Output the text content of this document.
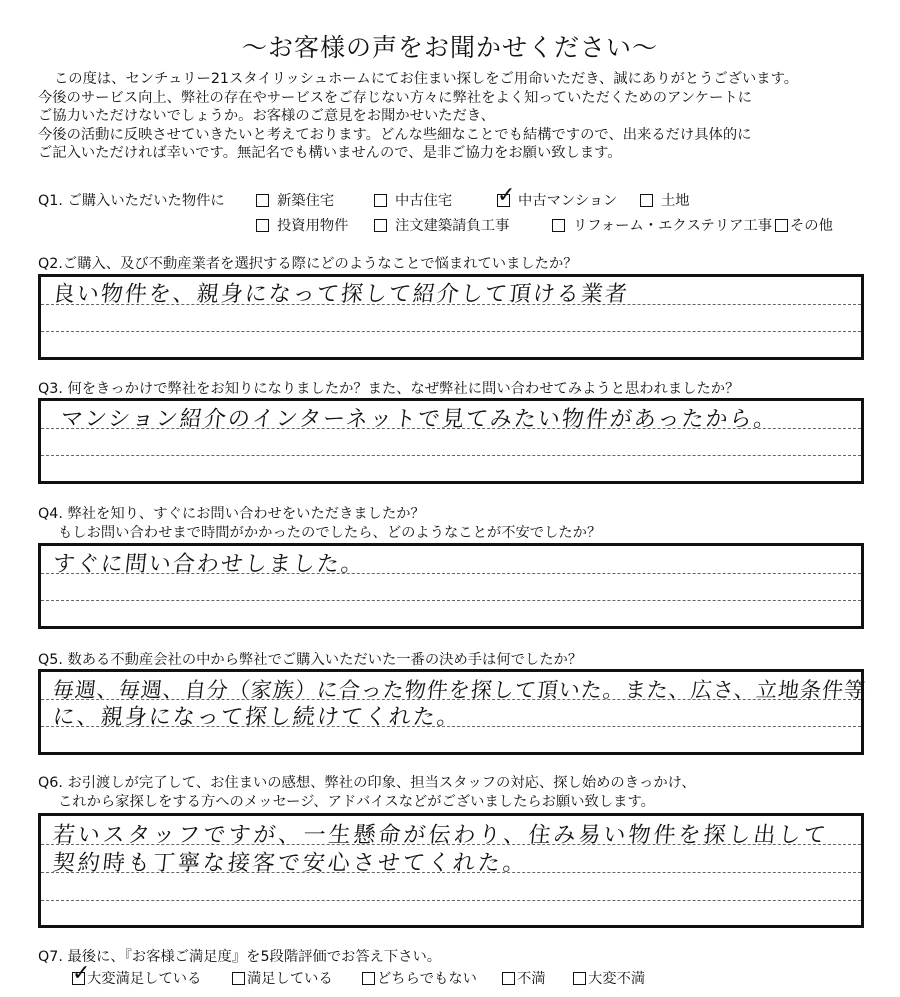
～お客様の声をお聞かせください～
この度は、センチュリー21スタイリッシュホームにてお住まい探しをご用命いただき、誠にありがとうございます。
今後のサービス向上、弊社の存在やサービスをご存じない方々に弊社をよく知っていただくためのアンケートに
ご協力いただけないでしょうか。お客様のご意見をお聞かせいただき、
今後の活動に反映させていきたいと考えております。どんな些細なことでも結構ですので、出来るだけ具体的に
ご記入いただければ幸いです。無記名でも構いませんので、是非ご協力をお願い致します。
Q1. ご購入いただいた物件に	新築住宅	中古住宅 ✓ 中古マンション	土地
投資用物件	注文建築請負工事	リフォーム・エクステリア工事 その他
Q2.ご購入、及び不動産業者を選択する際にどのようなことで悩まれていましたか？
良い物件を、親身になって探して紹介して頂ける業者
Q3. 何をきっかけで弊社をお知りになりましたか？また、なぜ弊社に問い合わせてみようと思われましたか？
マンション紹介のインターネットで見てみたい物件があったから。
Q4. 弊社を知り、すぐにお問い合わせをいただきましたか？
もしお問い合わせまで時間がかかったのでしたら、どのようなことが不安でしたか？
すぐに問い合わせしました。
Q5. 数ある不動産会社の中から弊社でご購入いただいた一番の決め手は何でしたか？
毎週、毎週、自分（家族）に合った物件を探して頂いた。また、広さ、立地条件等
に、親身になって探し続けてくれた。
Q6. お引渡しが完了して、お住まいの感想、弊社の印象、担当スタッフの対応、探し始めのきっかけ、
これから家探しをする方へのメッセージ、アドバイスなどがございましたらお願い致します。
若いスタッフですが、一生懸命が伝わり、住み易い物件を探し出して
契約時も丁寧な接客で安心させてくれた。
Q7. 最後に、『お客様ご満足度』を5段階評価でお答え下さい。
✓
大変満足している	満足している	どちらでもない	不満	大変不満
